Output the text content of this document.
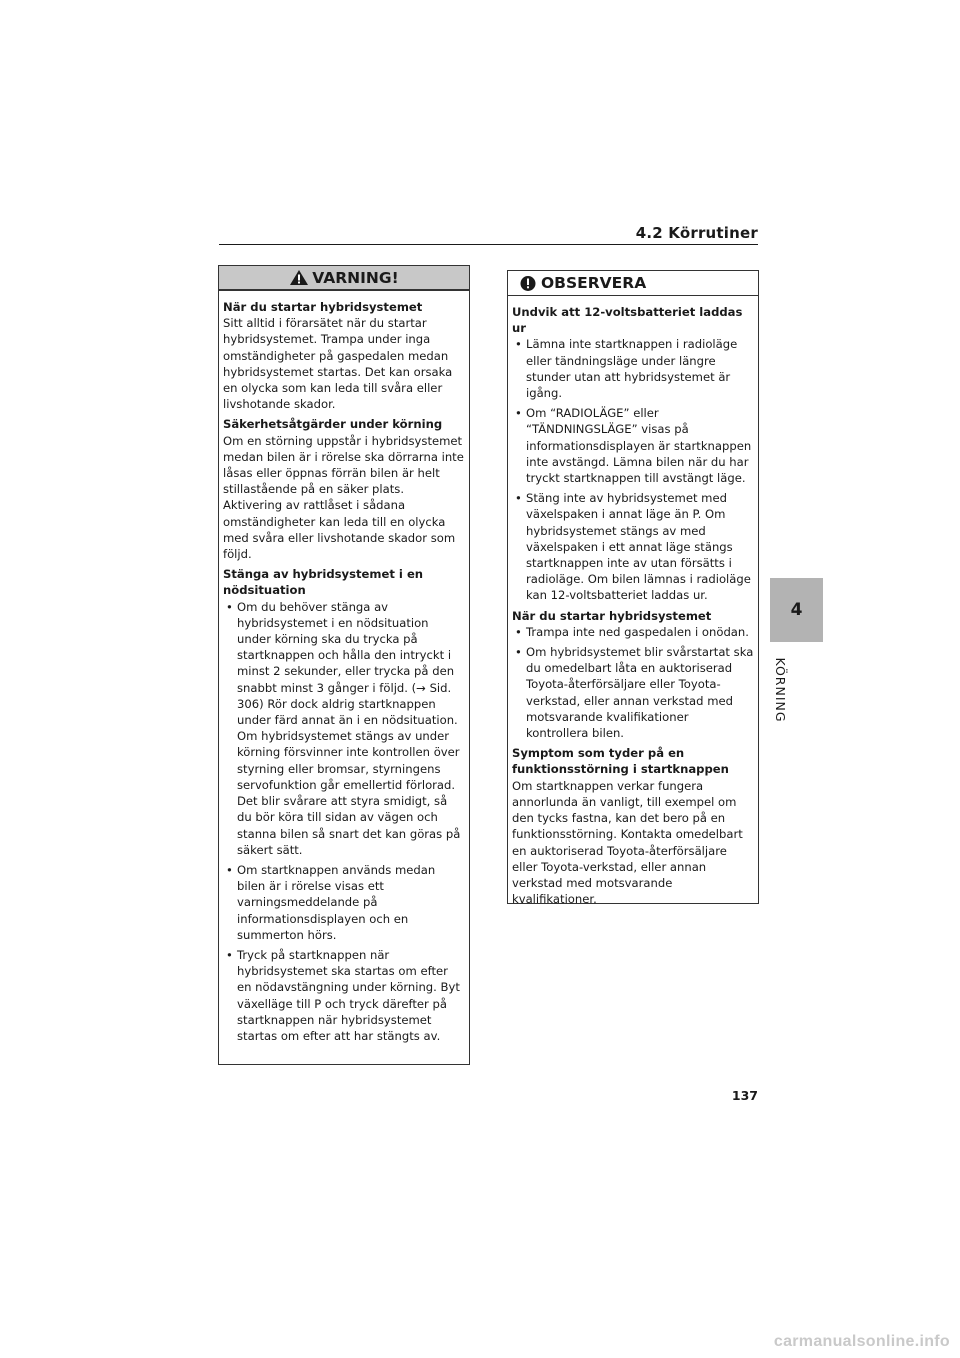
4.2 Körrutiner
VARNING!

När du startar hybridsystemet

Sitt alltid i förarsätet när du startar hybridsystemet. Trampa under inga omständigheter på gaspedalen medan hybridsystemet startas. Det kan orsaka en olycka som kan leda till svåra eller livshotande skador.

Säkerhetsåtgärder under körning

Om en störning uppstår i hybridsystemet medan bilen är i rörelse ska dörrarna inte låsas eller öppnas förrän bilen är helt stillastående på en säker plats. Aktivering av rattlåset i sådana omständigheter kan leda till en olycka med svåra eller livshotande skador som följd.

Stänga av hybridsystemet i en nödsituation

• Om du behöver stänga av hybridsystemet i en nödsituation under körning ska du trycka på startknappen och hålla den intryckt i minst 2 sekunder, eller trycka på den snabbt minst 3 gånger i följd. (→ Sid. 306) Rör dock aldrig startknappen under färd annat än i en nödsituation. Om hybridsystemet stängs av under körning försvinner inte kontrollen över styrning eller bromsar, styrningens servofunktion går emellertid förlorad. Det blir svårare att styra smidigt, så du bör köra till sidan av vägen och stanna bilen så snart det kan göras på säkert sätt.
• Om startknappen används medan bilen är i rörelse visas ett varningsmeddelande på informationsdisplayen och en summerton hörs.
• Tryck på startknappen när hybridsystemet ska startas om efter en nödavstängning under körning. Byt växelläge till P och tryck därefter på startknappen när hybridsystemet startas om efter att har stängts av.
OBSERVERA

Undvik att 12-voltsbatteriet laddas ur

• Lämna inte startknappen i radioläge eller tändningsläge under längre stunder utan att hybridsystemet är igång.
• Om “RADIOLÄGE” eller “TÄNDNINGSLÄGE” visas på informationsdisplayen är startknappen inte avstängd. Lämna bilen när du har tryckt startknappen till avstängt läge.
• Stäng inte av hybridsystemet med växelspaken i annat läge än P. Om hybridsystemet stängs av med växelspaken i ett annat läge stängs startknappen inte av utan försätts i radioläge. Om bilen lämnas i radioläge kan 12-voltsbatteriet laddas ur.

När du startar hybridsystemet

• Trampa inte ned gaspedalen i onödan.
• Om hybridsystemet blir svårstartat ska du omedelbart låta en auktoriserad Toyota-återförsäljare eller Toyota-verkstad, eller annan verkstad med motsvarande kvalifikationer kontrollera bilen.

Symptom som tyder på en funktionsstörning i startknappen

Om startknappen verkar fungera annorlunda än vanligt, till exempel om den tycks fastna, kan det bero på en funktionsstörning. Kontakta omedelbart en auktoriserad Toyota-återförsäljare eller Toyota-verkstad, eller annan verkstad med motsvarande kvalifikationer.

4
KÖRNING
137
carmanualsonline.info
